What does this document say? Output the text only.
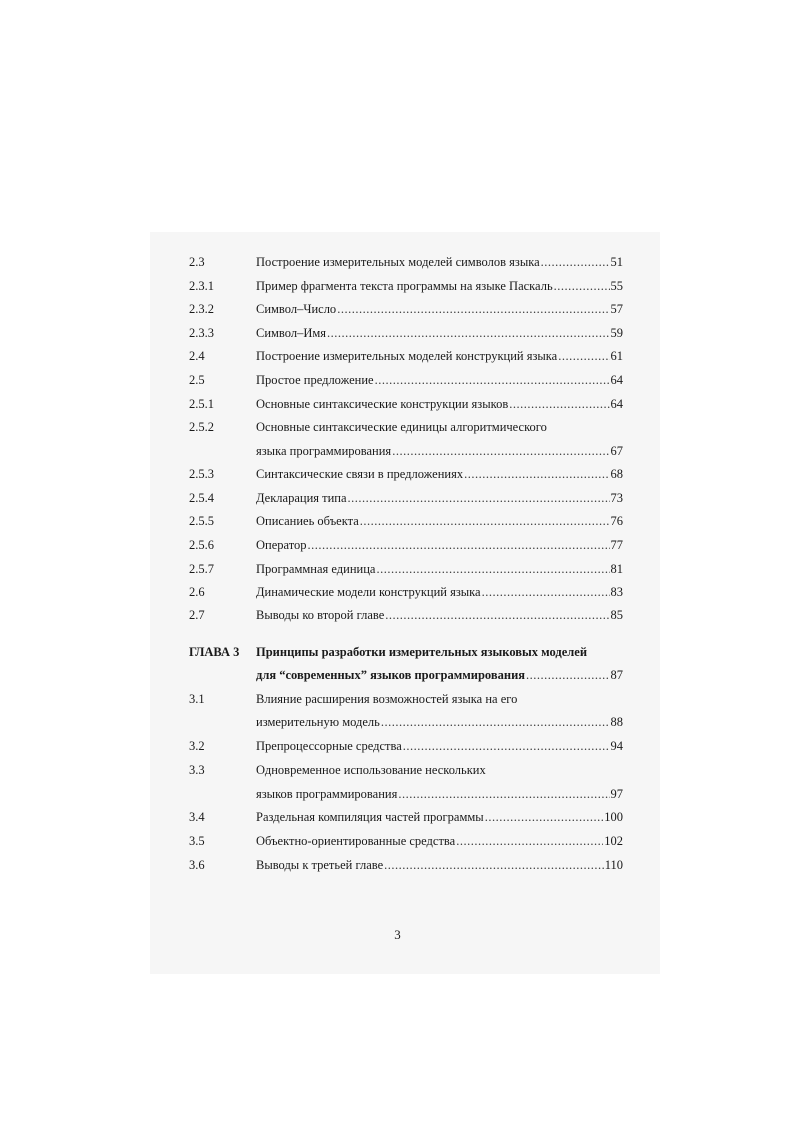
2.3	Построение измерительных моделей символов языка .....	51
2.3.1	Пример фрагмента текста программы на языке Паскаль .....	55
2.3.2	Символ–Число .....	57
2.3.3	Символ–Имя .....	59
2.4	Построение измерительных моделей конструкций языка .....	61
2.5	Простое предложение .....	64
2.5.1	Основные синтаксические конструкции языков .....	64
2.5.2	Основные синтаксические единицы алгоритмического
языка программирования .....	67
2.5.3	Синтаксические связи в предложениях .....	68
2.5.4	Декларация типа .....	73
2.5.5	Описаниеь объекта .....	76
2.5.6	Оператор .....	77
2.5.7	Программная единица .....	81
2.6	Динамические модели конструкций языка .....	83
2.7	Выводы ко второй главе .....	85
ГЛАВА 3 Принципы разработки измерительных языковых моделей
для “современных” языков программирования .....	87
3.1	Влияние расширения возможностей языка на его
измерительную модель .....	88
3.2	Препроцессорные средства .....	94
3.3	Одновременное использование нескольких
языков программирования .....	97
3.4	Раздельная компиляция частей программы .....	100
3.5	Объектно-ориентированные средства .....	102
3.6	Выводы к третьей главе .....	110
3
